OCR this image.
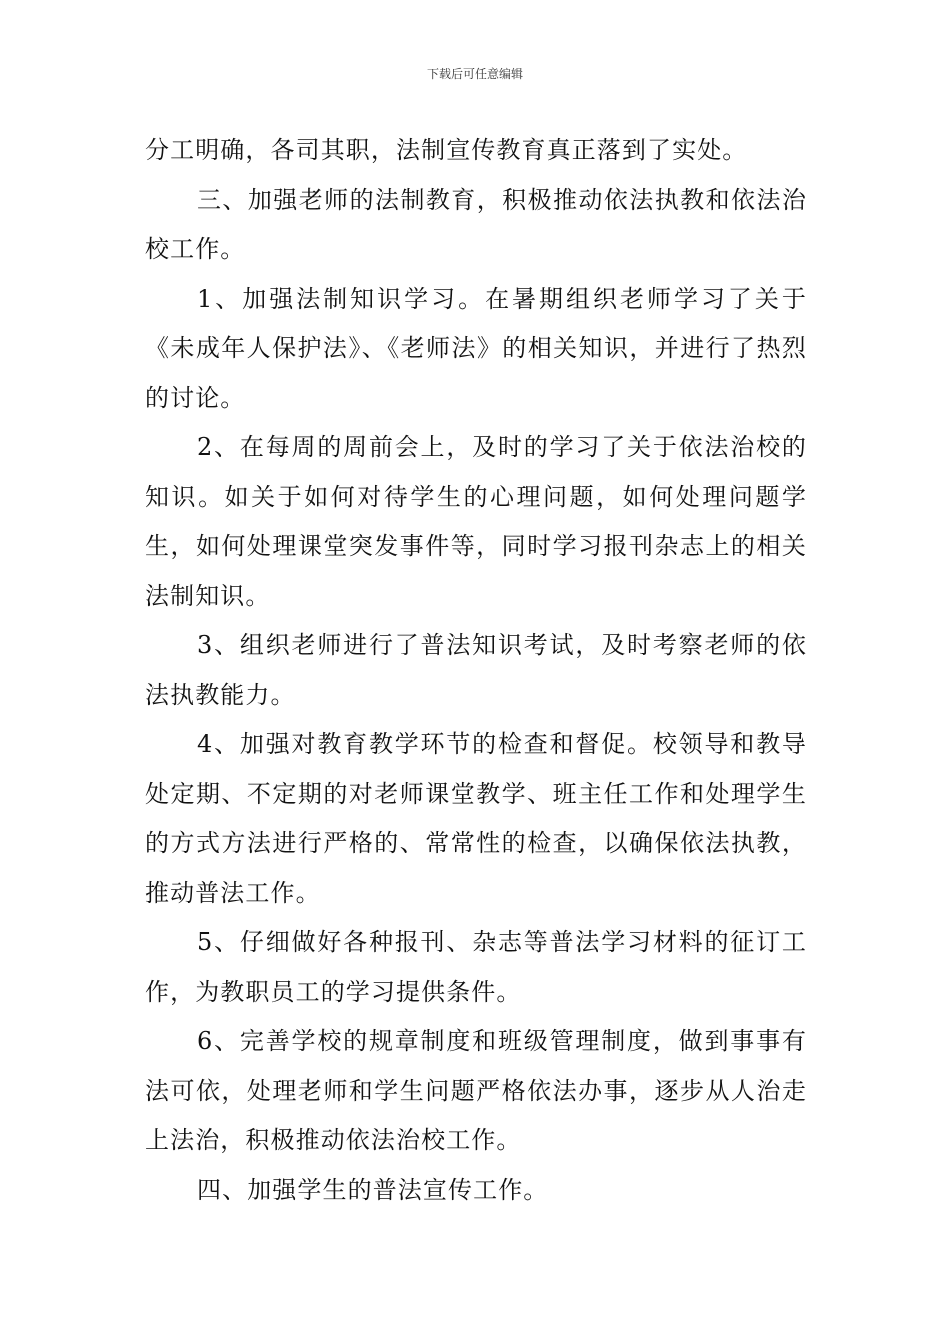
下载后可任意编辑

分工明确，各司其职，法制宣传教育真正落到了实处。

三、加强老师的法制教育，积极推动依法执教和依法治校工作。

1、加强法制知识学习。在暑期组织老师学习了关于《未成年人保护法》、《老师法》的相关知识，并进行了热烈的讨论。

2、在每周的周前会上，及时的学习了关于依法治校的知识。如关于如何对待学生的心理问题，如何处理问题学生，如何处理课堂突发事件等，同时学习报刊杂志上的相关法制知识。

3、组织老师进行了普法知识考试，及时考察老师的依法执教能力。

4、加强对教育教学环节的检查和督促。校领导和教导处定期、不定期的对老师课堂教学、班主任工作和处理学生的方式方法进行严格的、常常性的检查，以确保依法执教，推动普法工作。

5、仔细做好各种报刊、杂志等普法学习材料的征订工作，为教职员工的学习提供条件。

6、完善学校的规章制度和班级管理制度，做到事事有法可依，处理老师和学生问题严格依法办事，逐步从人治走上法治，积极推动依法治校工作。

四、加强学生的普法宣传工作。
